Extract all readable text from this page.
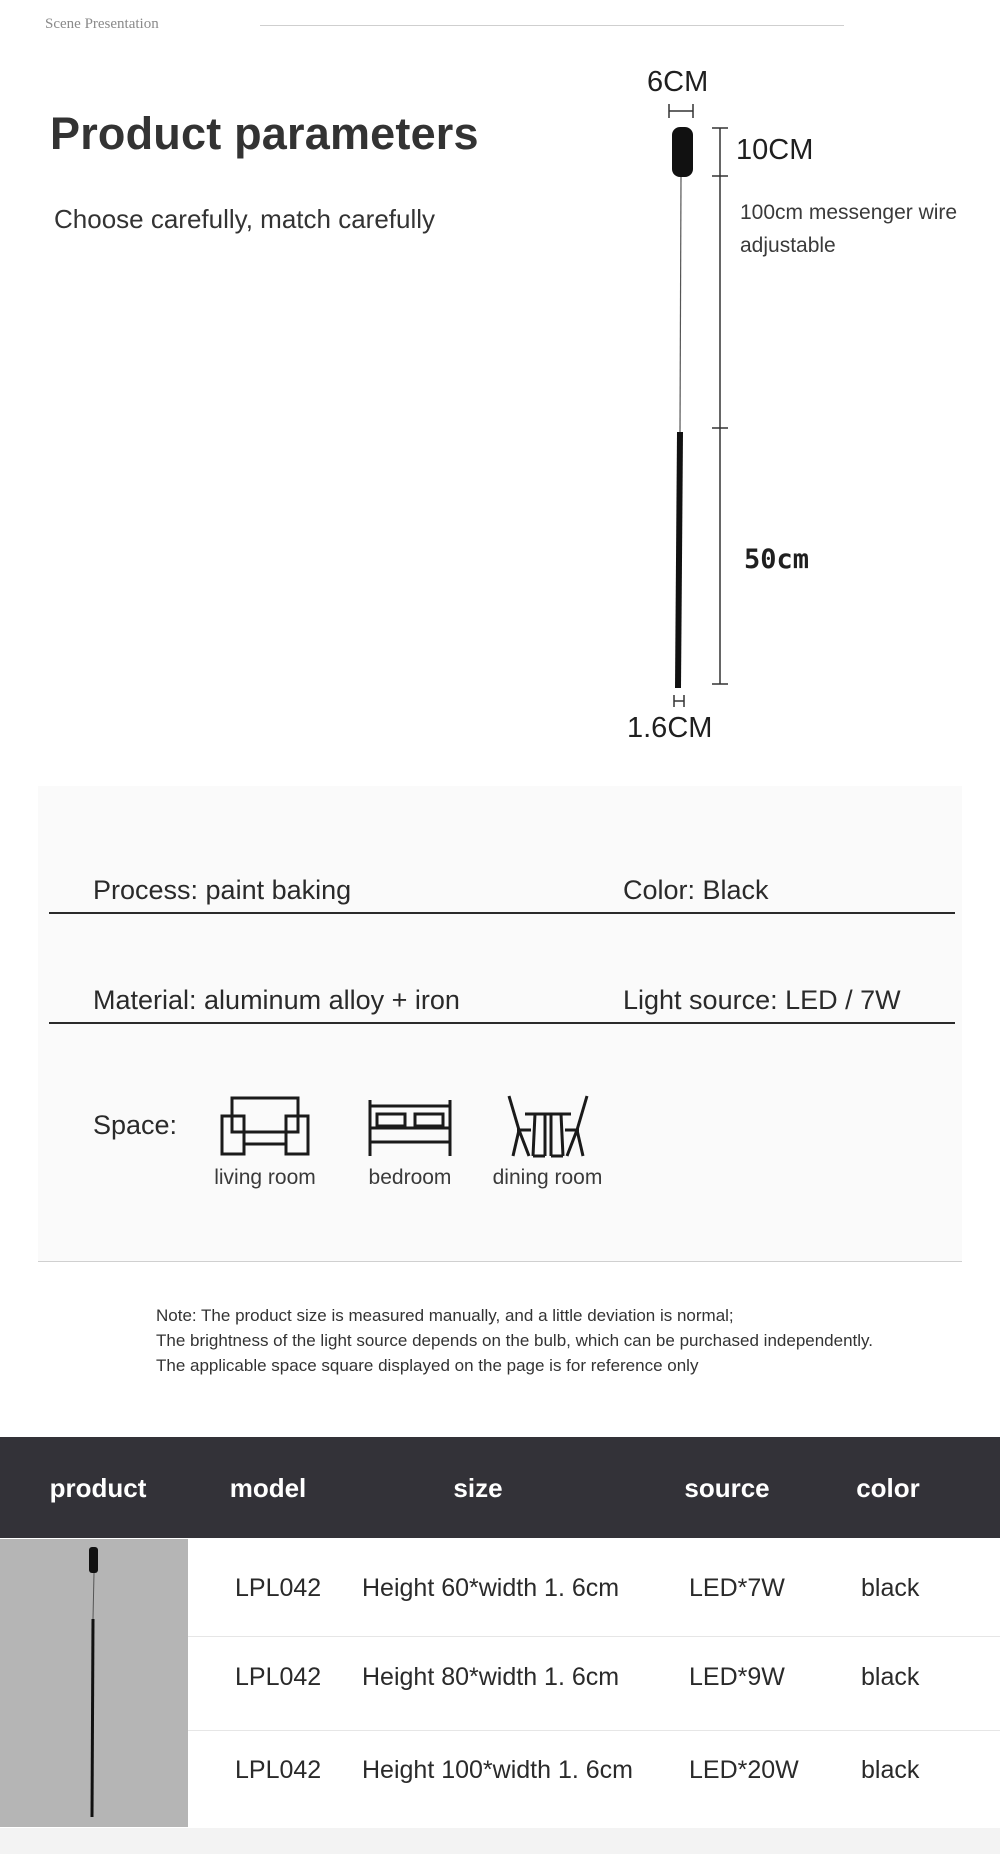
Scene Presentation
Product parameters
Choose carefully, match carefully
6CM
10CM
100cm messenger wire
adjustable
50cm
1.6CM
Process: paint baking	Color: Black
Material: aluminum alloy + iron	Light source: LED / 7W
Space:
living room	bedroom	dining room
Note: The product size is measured manually, and a little deviation is normal;
The brightness of the light source depends on the bulb, which can be purchased independently.
The applicable space square displayed on the page is for reference only
product	model	size	source	color
LPL042 Height 60*width 1. 6cm	LED*7W	black
LPL042 Height 80*width 1. 6cm	LED*9W	black
LPL042 Height 100*width 1. 6cm LED*20W black
